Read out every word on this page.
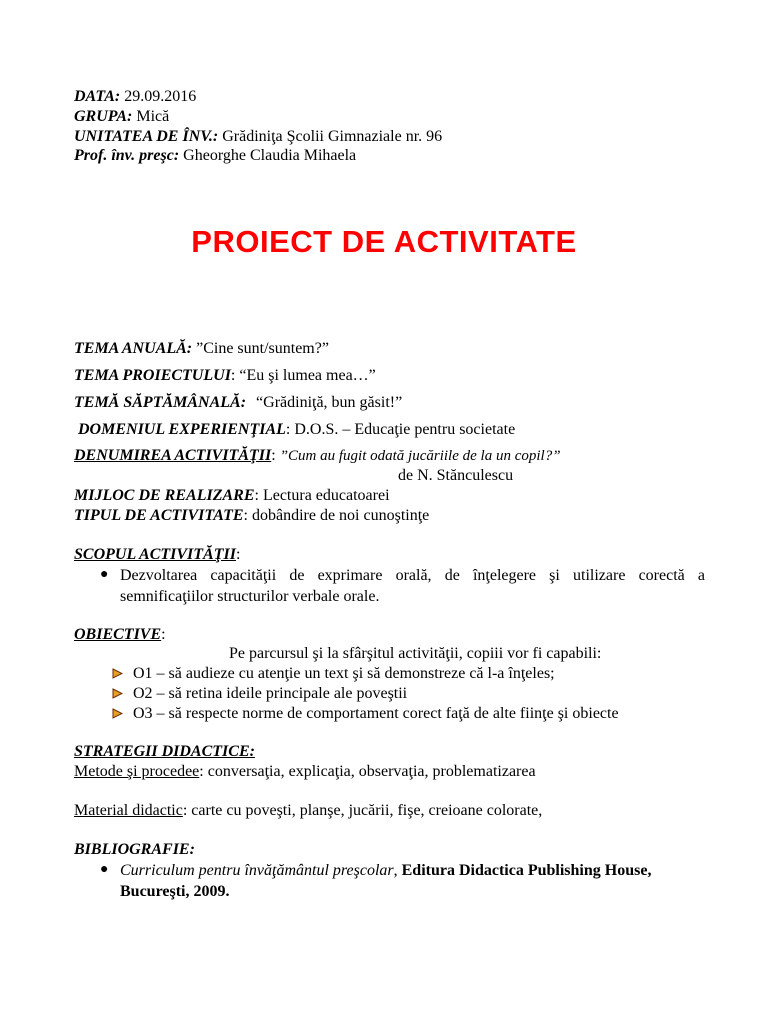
DATA: 29.09.2016
GRUPA: Mică
UNITATEA DE ÎNV.: Grădiniţa Şcolii Gimnaziale nr. 96
Prof. înv. preşc: Gheorghe Claudia Mihaela
PROIECT DE ACTIVITATE
TEMA ANUALĂ: ”Cine sunt/suntem?”
TEMA PROIECTULUI: “Eu şi lumea mea…”
TEMĂ SĂPTĂMÂNALĂ: “Grădiniţă, bun găsit!”
DOMENIUL EXPERIENŢIAL: D.O.S. – Educaţie pentru societate
DENUMIREA ACTIVITĂŢII: ”Cum au fugit odată jucăriile de la un copil?”
de N. Stănculescu
MIJLOC DE REALIZARE: Lectura educatoarei
TIPUL DE ACTIVITATE: dobândire de noi cunoştinţe
SCOPUL ACTIVITĂŢII:
● Dezvoltarea capacităţii de exprimare orală, de înţelegere şi utilizare corectă a semnificaţiilor structurilor verbale orale.
OBIECTIVE:
Pe parcursul şi la sfârşitul activităţii, copiii vor fi capabili:
O1 – să audieze cu atenţie un text şi să demonstreze că l-a înţeles;
O2 – să retina ideile principale ale poveştii
O3 – să respecte norme de comportament corect faţă de alte fiinţe şi obiecte
STRATEGII DIDACTICE:
Metode şi procedee: conversaţia, explicaţia, observaţia, problematizarea
Material didactic: carte cu poveşti, planşe, jucării, fişe, creioane colorate,
BIBLIOGRAFIE:
● Curriculum pentru învăţământul preşcolar, Editura Didactica Publishing House, Bucureşti, 2009.
